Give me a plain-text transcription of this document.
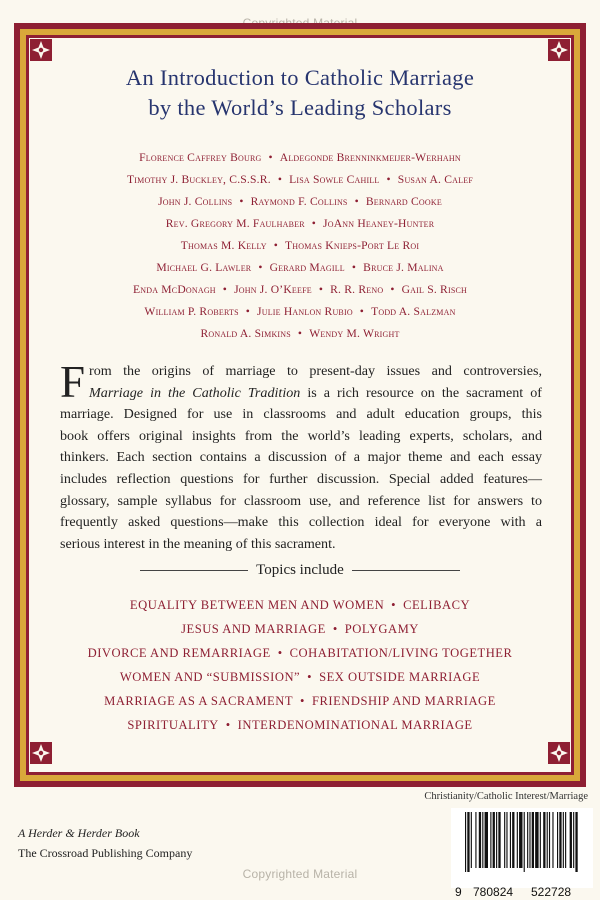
An Introduction to Catholic Marriage
by the World’s Leading Scholars
Florence Caffrey Bourg • Aldegonde Brenninkmeijer-Werhahn
Timothy J. Buckley, C.S.S.R. • Lisa Sowle Cahill • Susan A. Calef
John J. Collins • Raymond F. Collins • Bernard Cooke
Rev. Gregory M. Faulhaber • JoAnn Heaney-Hunter
Thomas M. Kelly • Thomas Knieps-Port Le Roi
Michael G. Lawler • Gerard Magill • Bruce J. Malina
Enda McDonagh • John J. O’Keefe • R. R. Reno • Gail S. Risch
William P. Roberts • Julie Hanlon Rubio • Todd A. Salzman
Ronald A. Simkins • Wendy M. Wright
F rom the origins of marriage to present-day issues and controversies,
Marriage in the Catholic Tradition is a rich resource on the sacrament of
marriage. Designed for use in classrooms and adult education groups, this
book offers original insights from the world’s leading experts, scholars, and
thinkers. Each section contains a discussion of a major theme and each essay
includes reflection questions for further discussion. Special added features—
glossary, sample syllabus for classroom use, and reference list for answers to
frequently asked questions—make this collection ideal for everyone with a
serious interest in the meaning of this sacrament.
Topics include
EQUALITY BETWEEN MEN AND WOMEN • CELIBACY
JESUS AND MARRIAGE • POLYGAMY
DIVORCE AND REMARRIAGE • COHABITATION/LIVING TOGETHER
WOMEN AND “SUBMISSION” • SEX OUTSIDE MARRIAGE
MARRIAGE AS A SACRAMENT • FRIENDSHIP AND MARRIAGE
SPIRITUALITY • INTERDENOMINATIONAL MARRIAGE
Christianity/Catholic Interest/Marriage
A Herder & Herder Book
The Crossroad Publishing Company
9 780824 522728
Copyrighted Material
